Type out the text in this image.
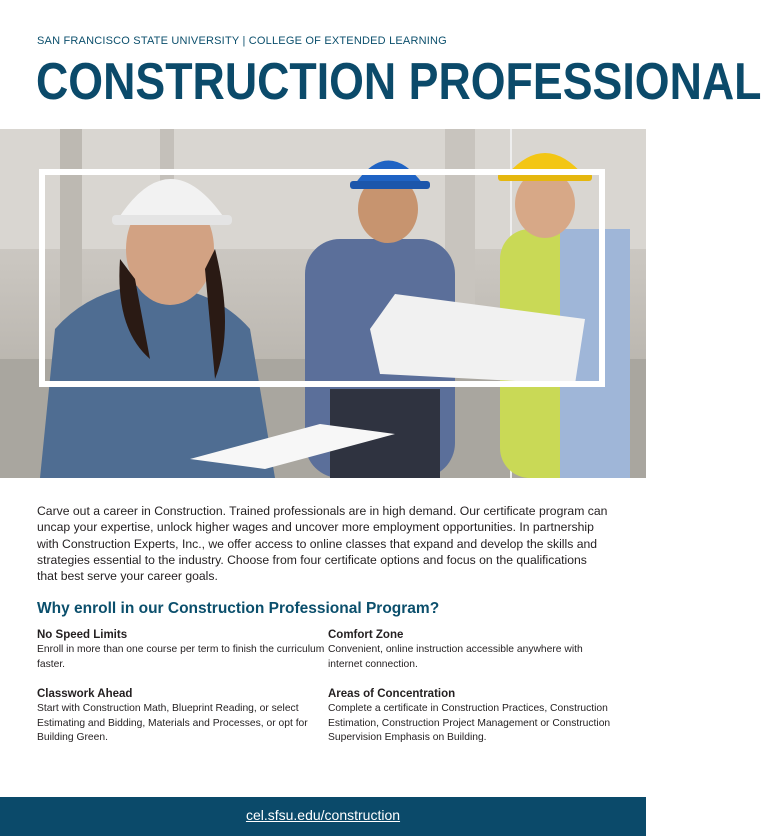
SAN FRANCISCO STATE UNIVERSITY | COLLEGE OF EXTENDED LEARNING
CONSTRUCTION PROFESSIONAL
Carve out a career in Construction. Trained professionals are in high demand. Our certificate program can uncap your expertise, unlock higher wages and uncover more employment opportunities. In partnership with Construction Experts, Inc., we offer access to online classes that expand and develop the skills and strategies essential to the industry. Choose from four certificate options and focus on the qualifications that best serve your career goals.
Why enroll in our Construction Professional Program?
No Speed Limits

Enroll in more than one course per term to finish the curriculum faster.

Comfort Zone

Convenient, online instruction accessible anywhere with internet connection.

Classwork Ahead

Start with Construction Math, Blueprint Reading, or select Estimating and Bidding, Materials and Processes, or opt for Building Green.

Areas of Concentration

Complete a certificate in Construction Practices, Construction Estimation, Construction Project Management or Construction Supervision Emphasis on Building.

cel.sfsu.edu/construction
